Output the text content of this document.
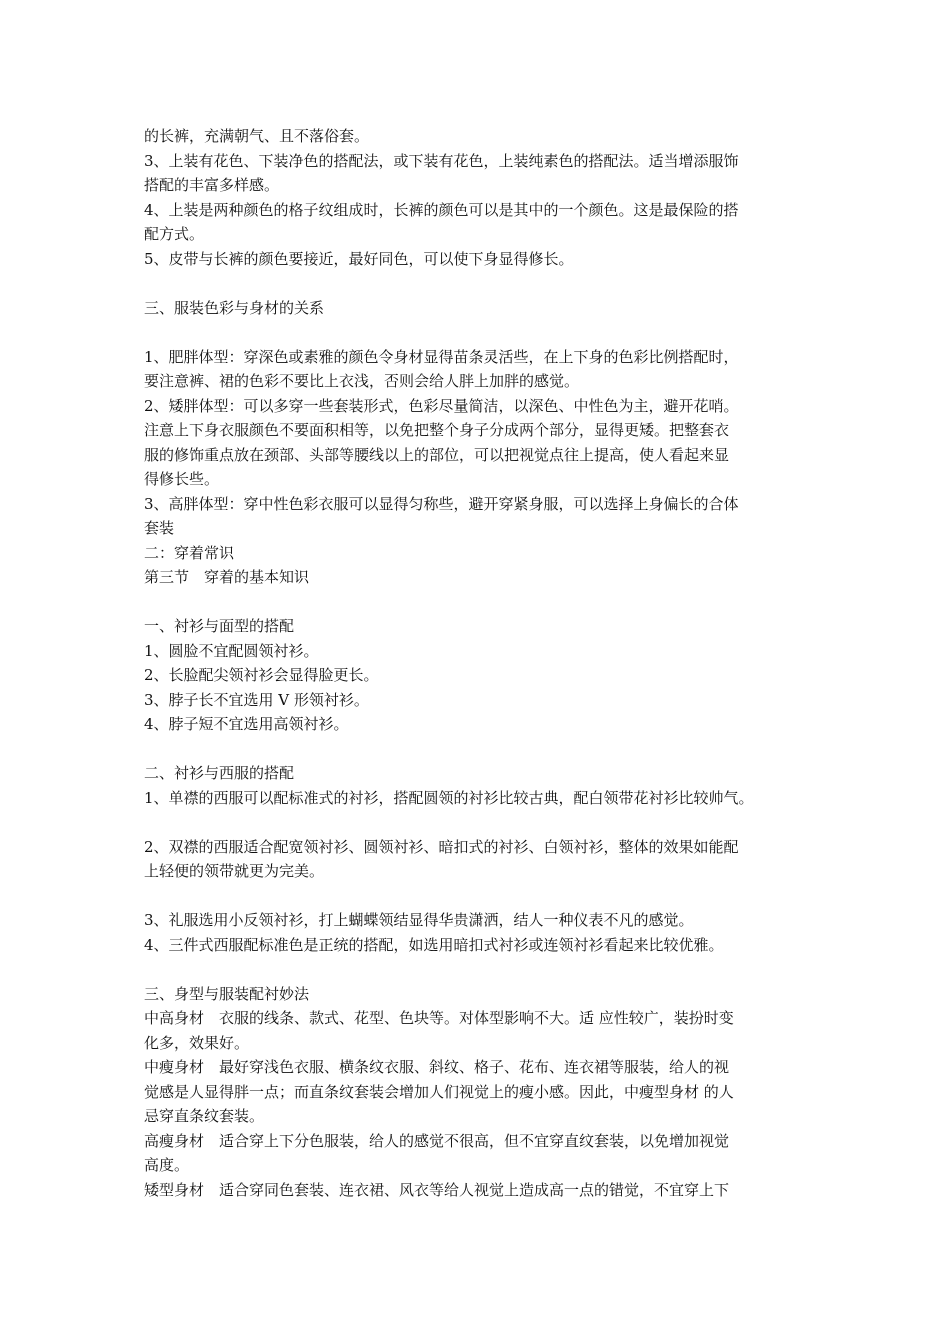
的长裤，充满朝气、且不落俗套。
3、上装有花色、下装净色的搭配法，或下装有花色，上装纯素色的搭配法。适当增添服饰
搭配的丰富多样感。
4、上装是两种颜色的格子纹组成时，长裤的颜色可以是其中的一个颜色。这是最保险的搭
配方式。
5、皮带与长裤的颜色要接近，最好同色，可以使下身显得修长。
三、服装色彩与身材的关系
1、肥胖体型：穿深色或素雅的颜色令身材显得苗条灵活些，在上下身的色彩比例搭配时，
要注意裤、裙的色彩不要比上衣浅，否则会给人胖上加胖的感觉。
2、矮胖体型：可以多穿一些套装形式，色彩尽量简洁，以深色、中性色为主，避开花哨。
注意上下身衣服颜色不要面积相等，以免把整个身子分成两个部分，显得更矮。把整套衣
服的修饰重点放在颈部、头部等腰线以上的部位，可以把视觉点往上提高，使人看起来显
得修长些。
3、高胖体型：穿中性色彩衣服可以显得匀称些，避开穿紧身服，可以选择上身偏长的合体
套装
二：穿着常识
第三节　穿着的基本知识
一、衬衫与面型的搭配
1、圆脸不宜配圆领衬衫。
2、长脸配尖领衬衫会显得脸更长。
3、脖子长不宜选用 V 形领衬衫。
4、脖子短不宜选用高领衬衫。
二、衬衫与西服的搭配
1、单襟的西服可以配标准式的衬衫，搭配圆领的衬衫比较古典，配白领带花衬衫比较帅气。
2、双襟的西服适合配宽领衬衫、圆领衬衫、暗扣式的衬衫、白领衬衫，整体的效果如能配
上轻便的领带就更为完美。
3、礼服选用小反领衬衫，打上蝴蝶领结显得华贵潇洒，结人一种仪表不凡的感觉。
4、三件式西服配标准色是正统的搭配，如选用暗扣式衬衫或连领衬衫看起来比较优雅。
三、身型与服装配衬妙法
中高身材　衣服的线条、款式、花型、色块等。对体型影响不大。适 应性较广，装扮时变
化多，效果好。
中瘦身材　最好穿浅色衣服、横条纹衣服、斜纹、格子、花布、连衣裙等服装，给人的视
觉感是人显得胖一点；而直条纹套装会增加人们视觉上的瘦小感。因此，中瘦型身材 的人
忌穿直条纹套装。
高瘦身材　适合穿上下分色服装，给人的感觉不很高，但不宜穿直纹套装，以免增加视觉
高度。
矮型身材　适合穿同色套装、连衣裙、风衣等给人视觉上造成高一点的错觉，不宜穿上下
